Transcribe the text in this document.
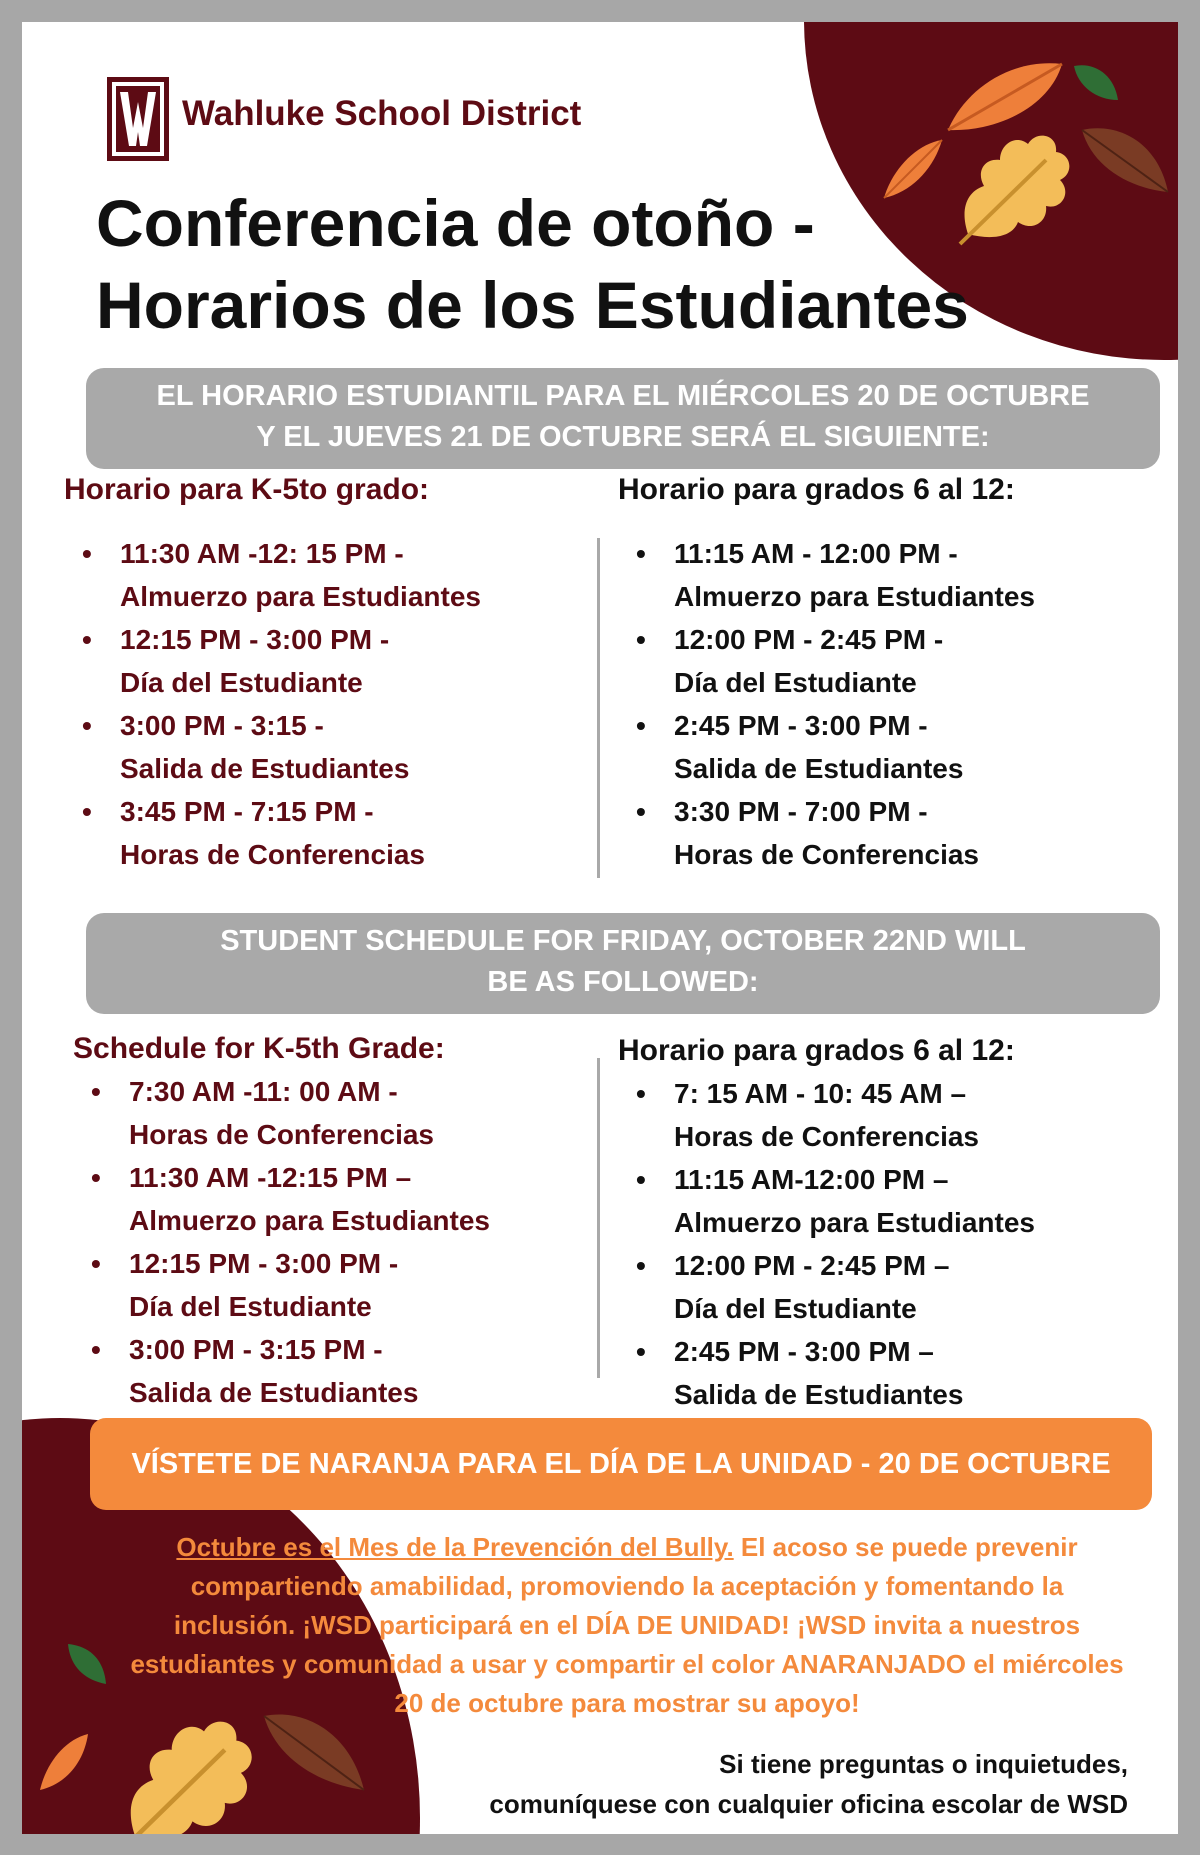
Wahluke School District
Conferencia de otoño -
Horarios de los Estudiantes
EL HORARIO ESTUDIANTIL PARA EL MIÉRCOLES 20 DE OCTUBRE
Y EL JUEVES 21 DE OCTUBRE SERÁ EL SIGUIENTE:
Horario para K-5to grado:
• 11:30 AM -12: 15 PM -
Almuerzo para Estudiantes
• 12:15 PM - 3:00 PM -
Día del Estudiante
• 3:00 PM - 3:15 -
Salida de Estudiantes
• 3:45 PM - 7:15 PM -
Horas de Conferencias
Horario para grados 6 al 12:
• 11:15 AM - 12:00 PM -
Almuerzo para Estudiantes
• 12:00 PM - 2:45 PM -
Día del Estudiante
• 2:45 PM - 3:00 PM -
Salida de Estudiantes
• 3:30 PM - 7:00 PM -
Horas de Conferencias
STUDENT SCHEDULE FOR FRIDAY, OCTOBER 22ND WILL
BE AS FOLLOWED:
Schedule for K-5th Grade:
• 7:30 AM -11: 00 AM -
Horas de Conferencias
• 11:30 AM -12:15 PM –
Almuerzo para Estudiantes
• 12:15 PM - 3:00 PM -
Día del Estudiante
• 3:00 PM - 3:15 PM -
Salida de Estudiantes
Horario para grados 6 al 12:
• 7: 15 AM - 10: 45 AM –
Horas de Conferencias
• 11:15 AM-12:00 PM –
Almuerzo para Estudiantes
• 12:00 PM - 2:45 PM –
Día del Estudiante
• 2:45 PM - 3:00 PM –
Salida de Estudiantes
VÍSTETE DE NARANJA PARA EL DÍA DE LA UNIDAD - 20 DE OCTUBRE

Octubre es el Mes de la Prevención del Bully. El acoso se puede prevenir
compartiendo amabilidad, promoviendo la aceptación y fomentando la
inclusión. ¡WSD participará en el DÍA DE UNIDAD! ¡WSD invita a nuestros
estudiantes y comunidad a usar y compartir el color ANARANJADO el miércoles
20 de octubre para mostrar su apoyo!

Si tiene preguntas o inquietudes,
comuníquese con cualquier oficina escolar de WSD
